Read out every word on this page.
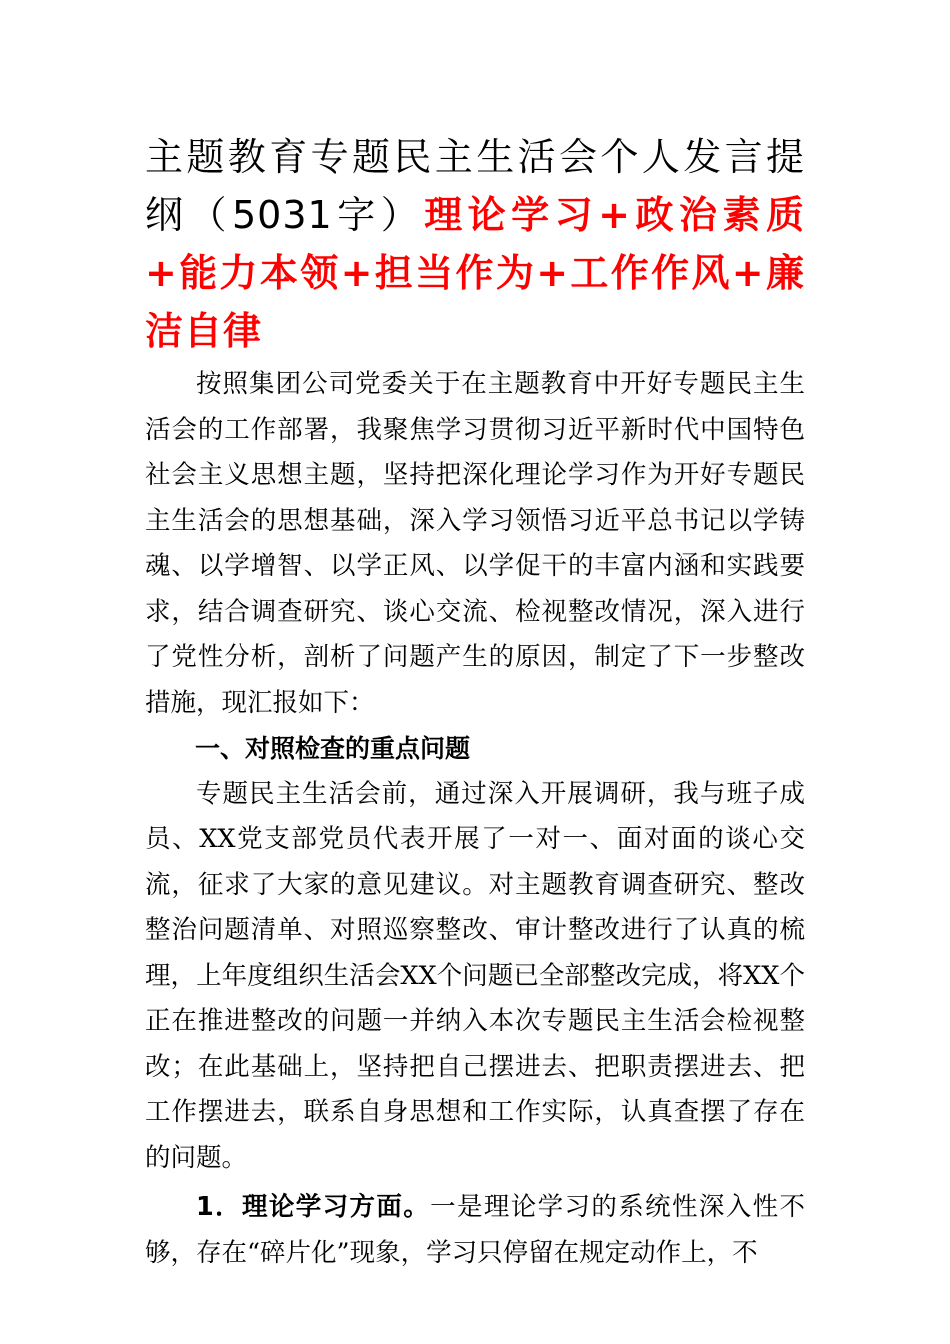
主题教育专题民主生活会个人发言提纲（5031字）理论学习+政治素质+能力本领+担当作为+工作作风+廉洁自律

按照集团公司党委关于在主题教育中开好专题民主生活会的工作部署，我聚焦学习贯彻习近平新时代中国特色社会主义思想主题，坚持把深化理论学习作为开好专题民主生活会的思想基础，深入学习领悟习近平总书记以学铸魂、以学增智、以学正风、以学促干的丰富内涵和实践要求，结合调查研究、谈心交流、检视整改情况，深入进行了党性分析，剖析了问题产生的原因，制定了下一步整改措施，现汇报如下：

一、对照检查的重点问题

专题民主生活会前，通过深入开展调研，我与班子成员、XX党支部党员代表开展了一对一、面对面的谈心交流，征求了大家的意见建议。对主题教育调查研究、整改整治问题清单、对照巡察整改、审计整改进行了认真的梳理，上年度组织生活会XX个问题已全部整改完成，将XX个正在推进整改的问题一并纳入本次专题民主生活会检视整改；在此基础上，坚持把自己摆进去、把职责摆进去、把工作摆进去，联系自身思想和工作实际，认真查摆了存在的问题。

1．理论学习方面。一是理论学习的系统性深入性不够，存在“碎片化”现象，学习只停留在规定动作上，不
